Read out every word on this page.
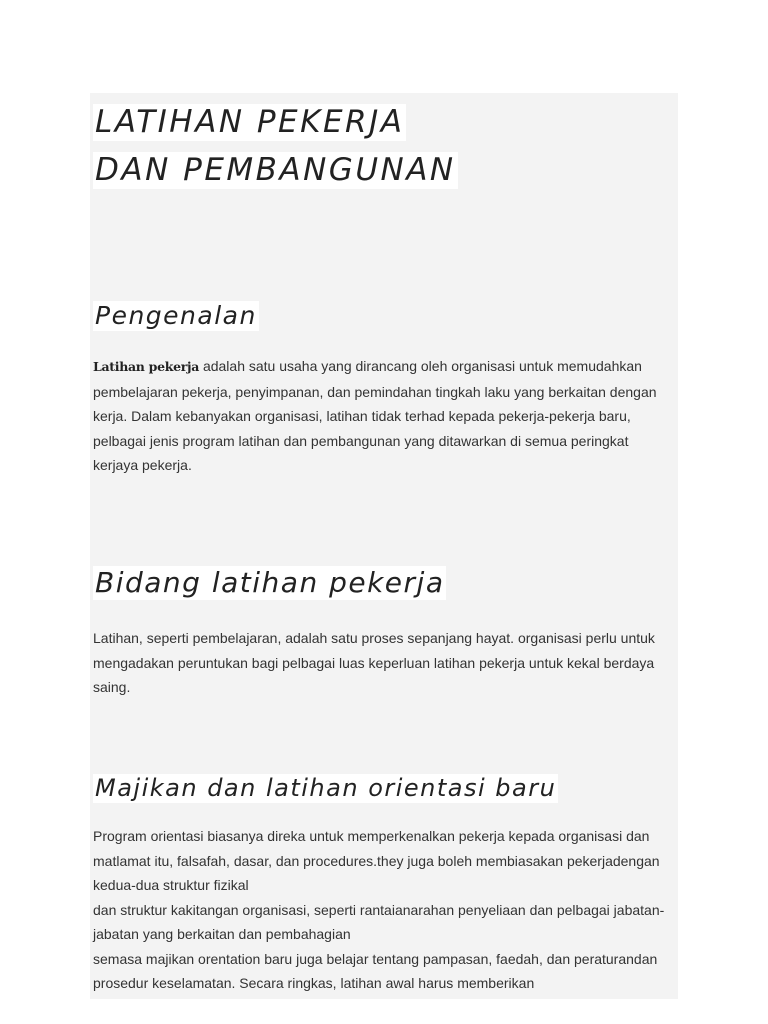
LATIHAN PEKERJA
DAN PEMBANGUNAN
Pengenalan

Latihan pekerja adalah satu usaha yang dirancang oleh organisasi untuk memudahkan pembelajaran pekerja, penyimpanan, dan pemindahan tingkah laku yang berkaitan dengan kerja. Dalam kebanyakan organisasi, latihan tidak terhad kepada pekerja-pekerja baru, pelbagai jenis program latihan dan pembangunan yang ditawarkan di semua peringkat kerjaya pekerja.

Bidang latihan pekerja

Latihan, seperti pembelajaran, adalah satu proses sepanjang hayat. organisasi perlu untuk mengadakan peruntukan bagi pelbagai luas keperluan latihan pekerja untuk kekal berdaya saing.

Majikan dan latihan orientasi baru

Program orientasi biasanya direka untuk memperkenalkan pekerja kepada organisasi dan
matlamat itu, falsafah, dasar, dan procedures.they juga boleh membiasakan pekerjadengan
kedua-dua struktur fizikal
dan struktur kakitangan organisasi, seperti rantaianarahan penyeliaan dan pelbagai jabatan-
jabatan yang berkaitan dan pembahagian
semasa majikan orentation baru juga belajar tentang pampasan, faedah, dan peraturandan
prosedur keselamatan. Secara ringkas, latihan awal harus memberikan
